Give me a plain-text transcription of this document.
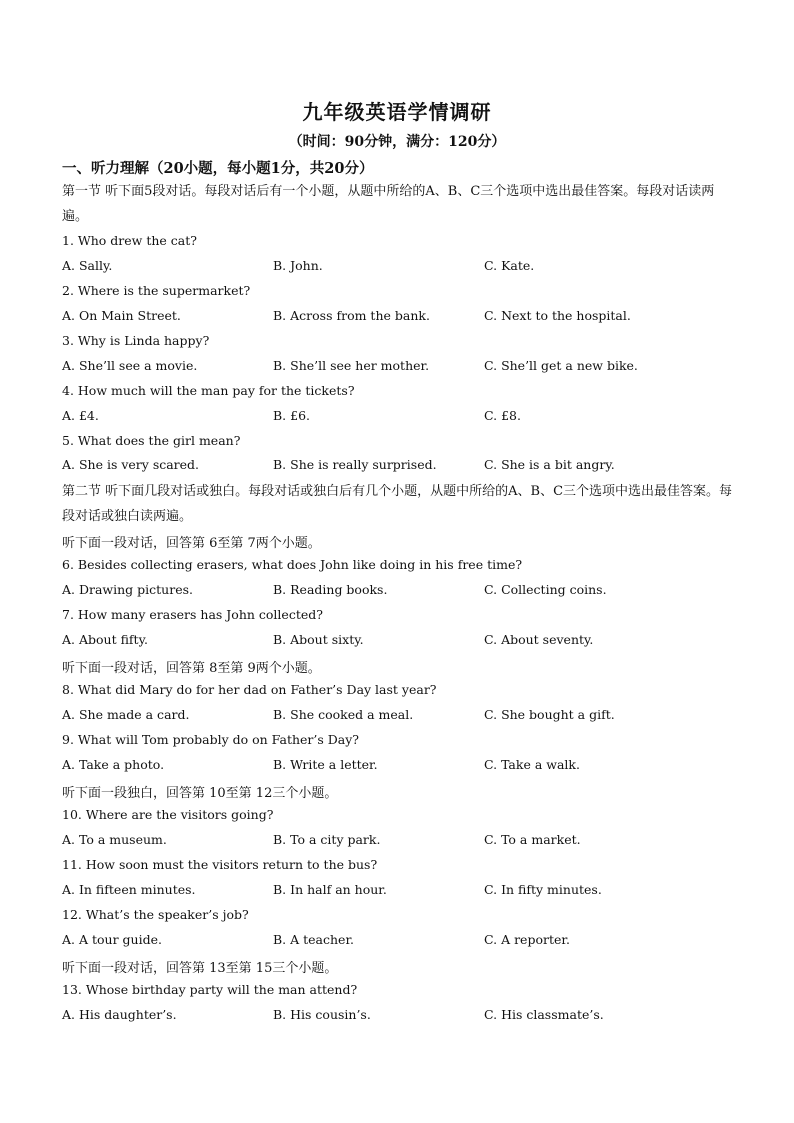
九年级英语学情调研
（时间：90分钟，满分：120分）
一、听力理解（20小题，每小题1分，共20分）
第一节 听下面5段对话。每段对话后有一个小题，从题中所给的A、B、C三个选项中选出最佳答案。每段对话读两遍。
1. Who drew the cat?
A. Sally.	B. John.	C. Kate.
2. Where is the supermarket?
A. On Main Street.	B. Across from the bank.	C. Next to the hospital.
3. Why is Linda happy?
A. She’ll see a movie.	B. She’ll see her mother.	C. She’ll get a new bike.
4. How much will the man pay for the tickets?
A. £4.	B. £6.	C. £8.
5. What does the girl mean?
A. She is very scared.	B. She is really surprised.	C. She is a bit angry.
第二节 听下面几段对话或独白。每段对话或独白后有几个小题，从题中所给的A、B、C三个选项中选出最佳答案。每段对话或独白读两遍。
听下面一段对话，回答第 6至第 7两个小题。
6. Besides collecting erasers, what does John like doing in his free time?
A. Drawing pictures.	B. Reading books.	C. Collecting coins.
7. How many erasers has John collected?
A. About fifty.	B. About sixty.	C. About seventy.
听下面一段对话，回答第 8至第 9两个小题。
8. What did Mary do for her dad on Father’s Day last year?
A. She made a card.	B. She cooked a meal.	C. She bought a gift.
9. What will Tom probably do on Father’s Day?
A. Take a photo.	B. Write a letter.	C. Take a walk.
听下面一段独白，回答第 10至第 12三个小题。
10. Where are the visitors going?
A. To a museum.	B. To a city park.	C. To a market.
11. How soon must the visitors return to the bus?
A. In fifteen minutes.	B. In half an hour.	C. In fifty minutes.
12. What’s the speaker’s job?
A. A tour guide.	B. A teacher.	C. A reporter.
听下面一段对话，回答第 13至第 15三个小题。
13. Whose birthday party will the man attend?
A. His daughter’s.	B. His cousin’s.	C. His classmate’s.
